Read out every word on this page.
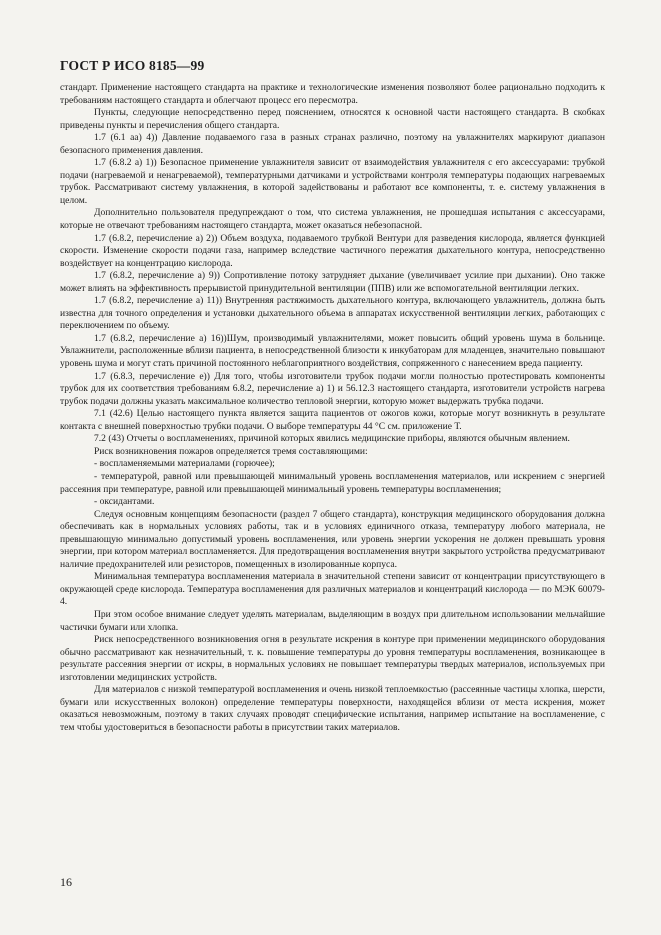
ГОСТ Р ИСО 8185—99

стандарт. Применение настоящего стандарта на практике и технологические изменения позволяют более рационально подходить к требованиям настоящего стандарта и облегчают процесс его пересмотра.

Пункты, следующие непосредственно перед пояснением, относятся к основной части настоящего стандарта. В скобках приведены пункты и перечисления общего стандарта.

1.7 (6.1 аа) 4)) Давление подаваемого газа в разных странах различно, поэтому на увлажнителях маркируют диапазон безопасного применения давления.

1.7 (6.8.2 а) 1)) Безопасное применение увлажнителя зависит от взаимодействия увлажнителя с его аксессуарами: трубкой подачи (нагреваемой и ненагреваемой), температурными датчиками и устройствами контроля температуры подающих нагреваемых трубок. Рассматривают систему увлажнения, в которой задействованы и работают все компоненты, т. е. систему увлажнения в целом.

Дополнительно пользователя предупреждают о том, что система увлажнения, не прошедшая испытания с аксессуарами, которые не отвечают требованиям настоящего стандарта, может оказаться небезопасной.

1.7 (6.8.2, перечисление а) 2)) Объем воздуха, подаваемого трубкой Вентури для разведения кислорода, является функцией скорости. Изменение скорости подачи газа, например вследствие частичного пережатия дыхательного контура, непосредственно воздействует на концентрацию кислорода.

1.7 (6.8.2, перечисление а) 9)) Сопротивление потоку затрудняет дыхание (увеличивает усилие при дыхании). Оно также может влиять на эффективность прерывистой принудительной вентиляции (ППВ) или же вспомогательной вентиляции легких.

1.7 (6.8.2, перечисление а) 11)) Внутренняя растяжимость дыхательного контура, включающего увлажнитель, должна быть известна для точного определения и установки дыхательного объема в аппаратах искусственной вентиляции легких, работающих с переключением по объему.

1.7 (6.8.2, перечисление а) 16))Шум, производимый увлажнителями, может повысить общий уровень шума в больнице. Увлажнители, расположенные вблизи пациента, в непосредственной близости к инкубаторам для младенцев, значительно повышают уровень шума и могут стать причиной постоянного неблагоприятного воздействия, сопряженного с нанесением вреда пациенту.

1.7 (6.8.3, перечисление е)) Для того, чтобы изготовители трубок подачи могли полностью протестировать компоненты трубок для их соответствия требованиям 6.8.2, перечисление а) 1) и 56.12.3 настоящего стандарта, изготовители устройств нагрева трубок подачи должны указать максимальное количество тепловой энергии, которую может выдержать трубка подачи.

7.1 (42.6) Целью настоящего пункта является защита пациентов от ожогов кожи, которые могут возникнуть в результате контакта с внешней поверхностью трубки подачи. О выборе температуры 44 °С см. приложение Т.

7.2 (43) Отчеты о воспламенениях, причиной которых явились медицинские приборы, являются обычным явлением.

Риск возникновения пожаров определяется тремя составляющими:

- воспламеняемыми материалами (горючее);

- температурой, равной или превышающей минимальный уровень воспламенения материалов, или искрением с энергией рассеяния при температуре, равной или превышающей минимальный уровень температуры воспламенения;

- оксидантами.

Следуя основным концепциям безопасности (раздел 7 общего стандарта), конструкция медицинского оборудования должна обеспечивать как в нормальных условиях работы, так и в условиях единичного отказа, температуру любого материала, не превышающую минимально допустимый уровень воспламенения, или уровень энергии ускорения не должен превышать уровня энергии, при котором материал воспламеняется. Для предотвращения воспламенения внутри закрытого устройства предусматривают наличие предохранителей или резисторов, помещенных в изолированные корпуса.

Минимальная температура воспламенения материала в значительной степени зависит от концентрации присутствующего в окружающей среде кислорода. Температура воспламенения для различных материалов и концентраций кислорода — по МЭК 60079-4.

При этом особое внимание следует уделять материалам, выделяющим в воздух при длительном использовании мельчайшие частички бумаги или хлопка.

Риск непосредственного возникновения огня в результате искрения в контуре при применении медицинского оборудования обычно рассматривают как незначительный, т. к. повышение температуры до уровня температуры воспламенения, возникающее в результате рассеяния энергии от искры, в нормальных условиях не повышает температуры твердых материалов, используемых при изготовлении медицинских устройств.

Для материалов с низкой температурой воспламенения и очень низкой теплоемкостью (рассеянные частицы хлопка, шерсти, бумаги или искусственных волокон) определение температуры поверхности, находящейся вблизи от места искрения, может оказаться невозможным, поэтому в таких случаях проводят специфические испытания, например испытание на воспламенение, с тем чтобы удостовериться в безопасности работы в присутствии таких материалов.

16
